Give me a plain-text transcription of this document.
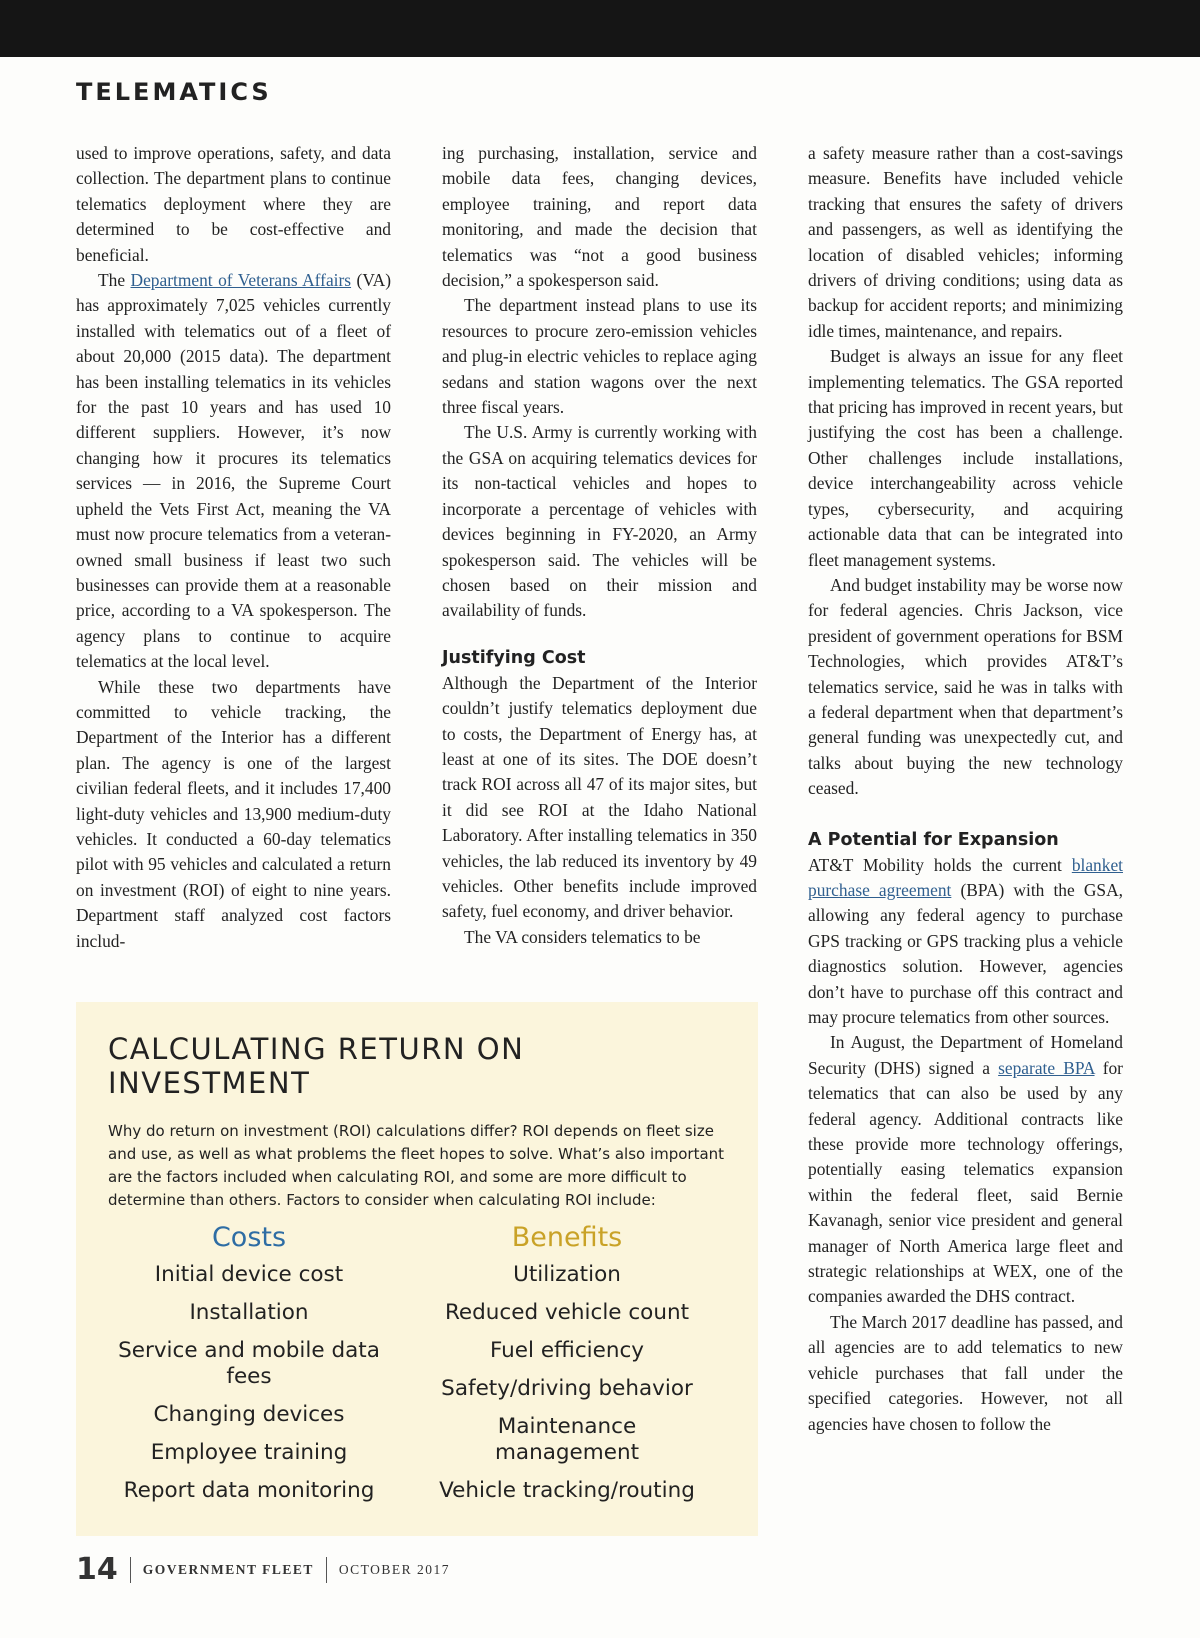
TELEMATICS

used to improve operations, safety, and data collection. The department plans to continue telematics deployment where they are determined to be cost-effective and beneficial.

The Department of Veterans Affairs (VA) has approximately 7,025 vehicles currently installed with telematics out of a fleet of about 20,000 (2015 data). The department has been installing telematics in its vehicles for the past 10 years and has used 10 different suppliers. However, it’s now changing how it procures its telematics services — in 2016, the Supreme Court upheld the Vets First Act, meaning the VA must now procure telematics from a veteran-owned small business if least two such businesses can provide them at a reasonable price, according to a VA spokesperson. The agency plans to continue to acquire telematics at the local level.

While these two departments have committed to vehicle tracking, the Department of the Interior has a different plan. The agency is one of the largest civilian federal fleets, and it includes 17,400 light-duty vehicles and 13,900 medium-duty vehicles. It conducted a 60-day telematics pilot with 95 vehicles and calculated a return on investment (ROI) of eight to nine years. Department staff analyzed cost factors includ-

ing purchasing, installation, service and mobile data fees, changing devices, employee training, and report data monitoring, and made the decision that telematics was “not a good business decision,” a spokesperson said.

The department instead plans to use its resources to procure zero-emission vehicles and plug-in electric vehicles to replace aging sedans and station wagons over the next three fiscal years.

The U.S. Army is currently working with the GSA on acquiring telematics devices for its non-tactical vehicles and hopes to incorporate a percentage of vehicles with devices beginning in FY-2020, an Army spokesperson said. The vehicles will be chosen based on their mission and availability of funds.

Justifying Cost

Although the Department of the Interior couldn’t justify telematics deployment due to costs, the Department of Energy has, at least at one of its sites. The DOE doesn’t track ROI across all 47 of its major sites, but it did see ROI at the Idaho National Laboratory. After installing telematics in 350 vehicles, the lab reduced its inventory by 49 vehicles. Other benefits include improved safety, fuel economy, and driver behavior.

The VA considers telematics to be

a safety measure rather than a cost-savings measure. Benefits have included vehicle tracking that ensures the safety of drivers and passengers, as well as identifying the location of disabled vehicles; informing drivers of driving conditions; using data as backup for accident reports; and minimizing idle times, maintenance, and repairs.

Budget is always an issue for any fleet implementing telematics. The GSA reported that pricing has improved in recent years, but justifying the cost has been a challenge. Other challenges include installations, device interchangeability across vehicle types, cybersecurity, and acquiring actionable data that can be integrated into fleet management systems.

And budget instability may be worse now for federal agencies. Chris Jackson, vice president of government operations for BSM Technologies, which provides AT&T’s telematics service, said he was in talks with a federal department when that department’s general funding was unexpectedly cut, and talks about buying the new technology ceased.

A Potential for Expansion

AT&T Mobility holds the current blanket purchase agreement (BPA) with the GSA, allowing any federal agency to purchase GPS tracking or GPS tracking plus a vehicle diagnostics solution. However, agencies don’t have to purchase off this contract and may procure telematics from other sources.

In August, the Department of Homeland Security (DHS) signed a separate BPA for telematics that can also be used by any federal agency. Additional contracts like these provide more technology offerings, potentially easing telematics expansion within the federal fleet, said Bernie Kavanagh, senior vice president and general manager of North America large fleet and strategic relationships at WEX, one of the companies awarded the DHS contract.

The March 2017 deadline has passed, and all agencies are to add telematics to new vehicle purchases that fall under the specified categories. However, not all agencies have chosen to follow the

CALCULATING RETURN ON INVESTMENT

Why do return on investment (ROI) calculations differ? ROI depends on fleet size and use, as well as what problems the fleet hopes to solve. What’s also important are the factors included when calculating ROI, and some are more difficult to determine than others. Factors to consider when calculating ROI include:

Costs
Initial device cost
Installation
Service and mobile data fees
Changing devices
Employee training
Report data monitoring
Benefits
Utilization
Reduced vehicle count
Fuel efficiency
Safety/driving behavior
Maintenance management
Vehicle tracking/routing
14 GOVERNMENT FLEET OCTOBER 2017
